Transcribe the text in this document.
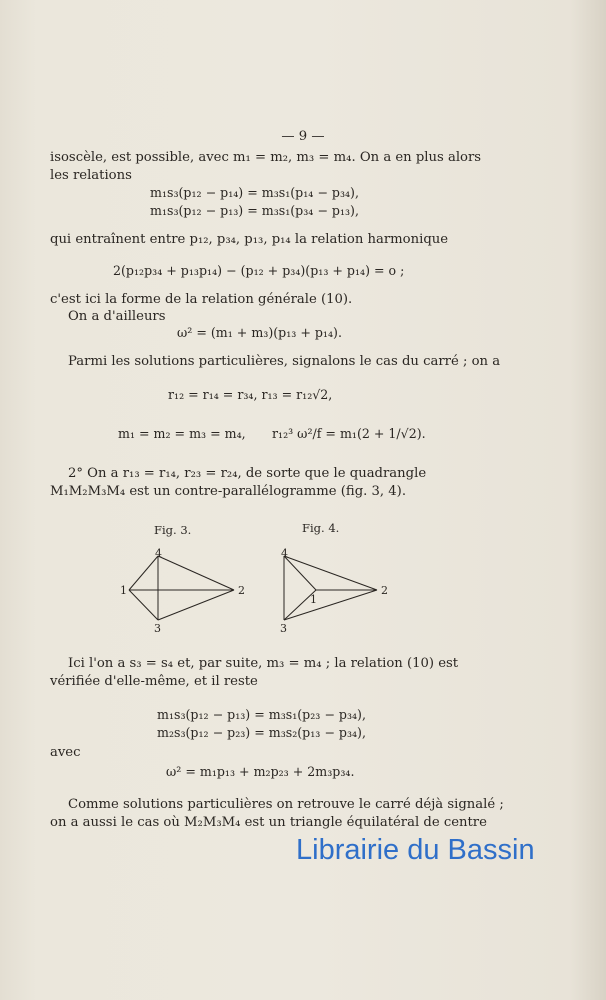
— 9 —
isoscèle, est possible, avec m₁ = m₂, m₃ = m₄. On a en plus alors
les relations
m₁s₃(p₁₂ − p₁₄) = m₃s₁(p₁₄ − p₃₄),
m₁s₃(p₁₂ − p₁₃) = m₃s₁(p₃₄ − p₁₃),
qui entraînent entre p₁₂, p₃₄, p₁₃, p₁₄ la relation harmonique
2(p₁₂p₃₄ + p₁₃p₁₄) − (p₁₂ + p₃₄)(p₁₃ + p₁₄) = o ;
c'est ici la forme de la relation générale (10).
On a d'ailleurs
ω² = (m₁ + m₃)(p₁₃ + p₁₄).
Parmi les solutions particulières, signalons le cas du carré ; on a
r₁₂ = r₁₄ = r₃₄, r₁₃ = r₁₂√2,
m₁ = m₂ = m₃ = m₄, r₁₂³ ω²/f = m₁(2 + 1/√2).
2° On a r₁₃ = r₁₄, r₂₃ = r₂₄, de sorte que le quadrangle
M₁M₂M₃M₄ est un contre-parallélogramme (fig. 3, 4).
Fig. 3.	Fig. 4.
4
1	2
3
4
1
2
3
Ici l'on a s₃ = s₄ et, par suite, m₃ = m₄ ; la relation (10) est
vérifiée d'elle-même, et il reste
m₁s₃(p₁₂ − p₁₃) = m₃s₁(p₂₃ − p₃₄),
m₂s₃(p₁₂ − p₂₃) = m₃s₂(p₁₃ − p₃₄),
avec
ω² = m₁p₁₃ + m₂p₂₃ + 2m₃p₃₄.
Comme solutions particulières on retrouve le carré déjà signalé ;
on a aussi le cas où M₂M₃M₄ est un triangle équilatéral de centre
Librairie du Bassin
